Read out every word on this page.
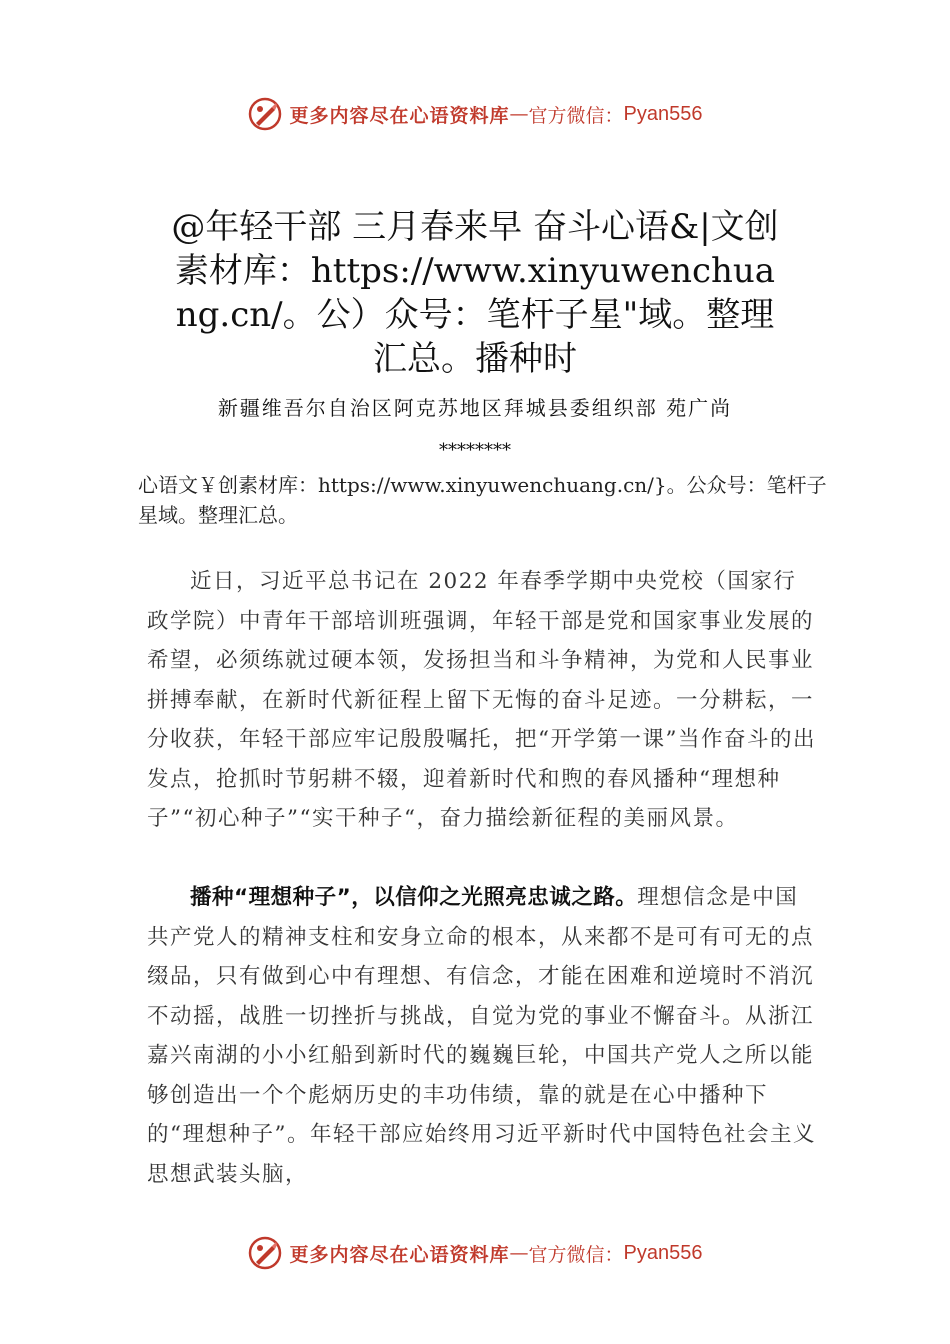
更多内容尽在心语资料库 — 官方微信： Pyan556
@年轻干部 三月春来早 奋斗心语&|文创素材库：https://www.xinyuwenchuang.cn/。公）众号：笔杆子星"域。整理汇总。播种时
新疆维吾尔自治区阿克苏地区拜城县委组织部 苑广尚
********
心语文￥创素材库：https://www.xinyuwenchuang.cn/}。公众号：笔杆子星域。整理汇总。

近日，习近平总书记在 2022 年春季学期中央党校（国家行政学院）中青年干部培训班强调，年轻干部是党和国家事业发展的希望，必须练就过硬本领，发扬担当和斗争精神，为党和人民事业拼搏奉献，在新时代新征程上留下无悔的奋斗足迹。一分耕耘，一分收获，年轻干部应牢记殷殷嘱托，把“开学第一课”当作奋斗的出发点，抢抓时节躬耕不辍，迎着新时代和煦的春风播种“理想种子”“初心种子”“实干种子“，奋力描绘新征程的美丽风景。

播种“理想种子”，以信仰之光照亮忠诚之路。理想信念是中国共产党人的精神支柱和安身立命的根本，从来都不是可有可无的点缀品，只有做到心中有理想、有信念，才能在困难和逆境时不消沉不动摇，战胜一切挫折与挑战，自觉为党的事业不懈奋斗。从浙江嘉兴南湖的小小红船到新时代的巍巍巨轮，中国共产党人之所以能够创造出一个个彪炳历史的丰功伟绩，靠的就是在心中播种下的“理想种子”。年轻干部应始终用习近平新时代中国特色社会主义思想武装头脑，

更多内容尽在心语资料库 — 官方微信： Pyan556
